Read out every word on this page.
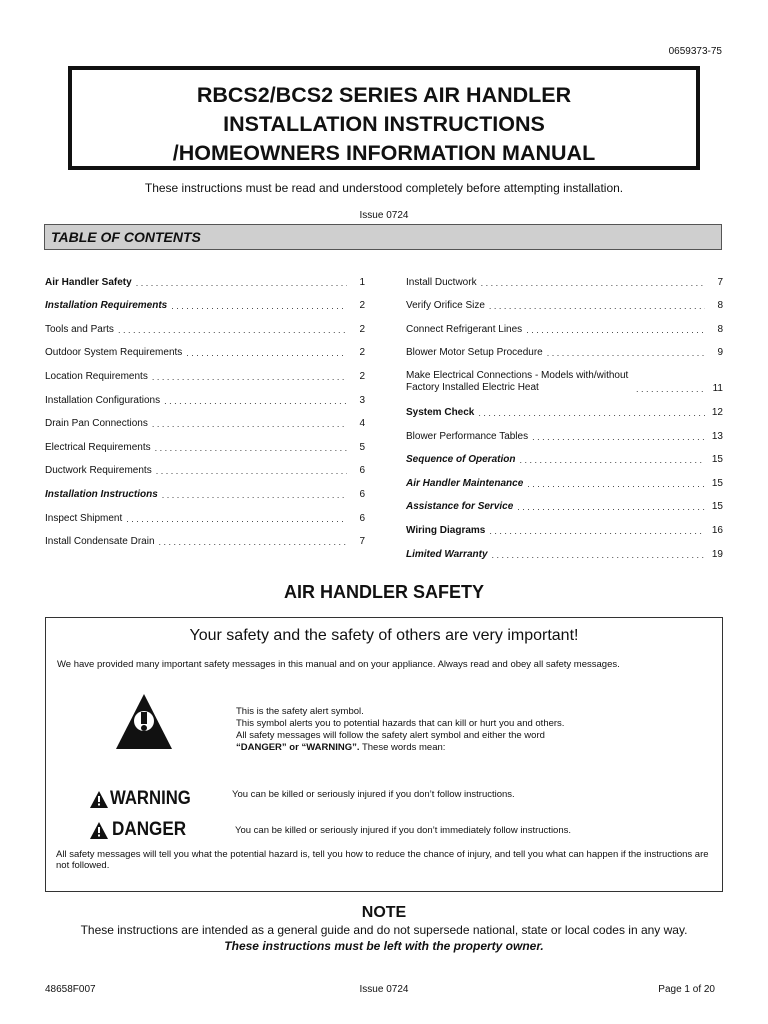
0659373-75
RBCS2/BCS2 SERIES AIR HANDLER
INSTALLATION INSTRUCTIONS
/HOMEOWNERS INFORMATION MANUAL
These instructions must be read and understood completely before attempting installation.
Issue 0724
TABLE OF CONTENTS
Air Handler Safety . . .	1
Installation Requirements . . .	2
Tools and Parts . . .	2
Outdoor System Requirements . . .	2
Location Requirements . . .	2
Installation Configurations . . .	3
Drain Pan Connections . . .	4
Electrical Requirements . . .	5
Ductwork Requirements . . .	6
Installation Instructions . . .	6
Inspect Shipment . . .	6
Install Condensate Drain . . .	7
Install Ductwork . . .	7
Verify Orifice Size . . .	8
Connect Refrigerant Lines . . .	8
Blower Motor Setup Procedure . . .	9
Make Electrical Connections - Models with/without Factory Installed Electric Heat . . .	11
System Check . . .	12
Blower Performance Tables . . .	13
Sequence of Operation . . .	15
Air Handler Maintenance . . .	15
Assistance for Service . . .	15
Wiring Diagrams . . .	16
Limited Warranty . . .	19
AIR HANDLER SAFETY
Your safety and the safety of others are very important!
We have provided many important safety messages in this manual and on your appliance. Always read and obey all safety messages.
This is the safety alert symbol.
This symbol alerts you to potential hazards that can kill or hurt you and others.
All safety messages will follow the safety alert symbol and either the word
“DANGER” or “WARNING”. These words mean:
WARNING	You can be killed or seriously injured if you don’t follow instructions.
DANGER	You can be killed or seriously injured if you don’t immediately follow instructions.
All safety messages will tell you what the potential hazard is, tell you how to reduce the chance of injury, and tell you what can happen if the instructions are not followed.
NOTE
These instructions are intended as a general guide and do not supersede national, state or local codes in any way.
These instructions must be left with the property owner.
48658F007	Issue 0724	Page 1 of 20
